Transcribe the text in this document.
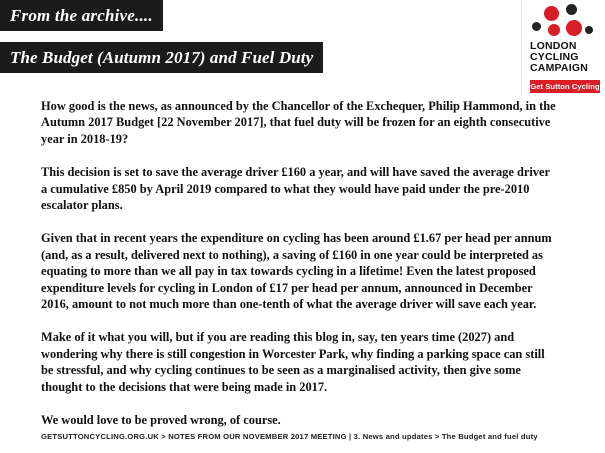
From the archive....
The Budget (Autumn 2017) and Fuel Duty
LONDON
CYCLING
CAMPAIGN
Get Sutton Cycling

How good is the news, as announced by the Chancellor of the Exchequer, Philip Hammond, in the Autumn 2017 Budget [22 November 2017], that fuel duty will be frozen for an eighth consecutive year in 2018-19?

This decision is set to save the average driver £160 a year, and will have saved the average driver a cumulative £850 by April 2019 compared to what they would have paid under the pre-2010 escalator plans.

Given that in recent years the expenditure on cycling has been around £1.67 per head per annum (and, as a result, delivered next to nothing), a saving of £160 in one year could be interpreted as equating to more than we all pay in tax towards cycling in a lifetime! Even the latest proposed expenditure levels for cycling in London of £17 per head per annum, announced in December 2016, amount to not much more than one-tenth of what the average driver will save each year.

Make of it what you will, but if you are reading this blog in, say, ten years time (2027) and wondering why there is still congestion in Worcester Park, why finding a parking space can still be stressful, and why cycling continues to be seen as a marginalised activity, then give some thought to the decisions that were being made in 2017.

We would love to be proved wrong, of course.

GETSUTTONCYCLING.ORG.UK > NOTES FROM OUR NOVEMBER 2017 MEETING | 3. News and updates > The Budget and fuel duty
